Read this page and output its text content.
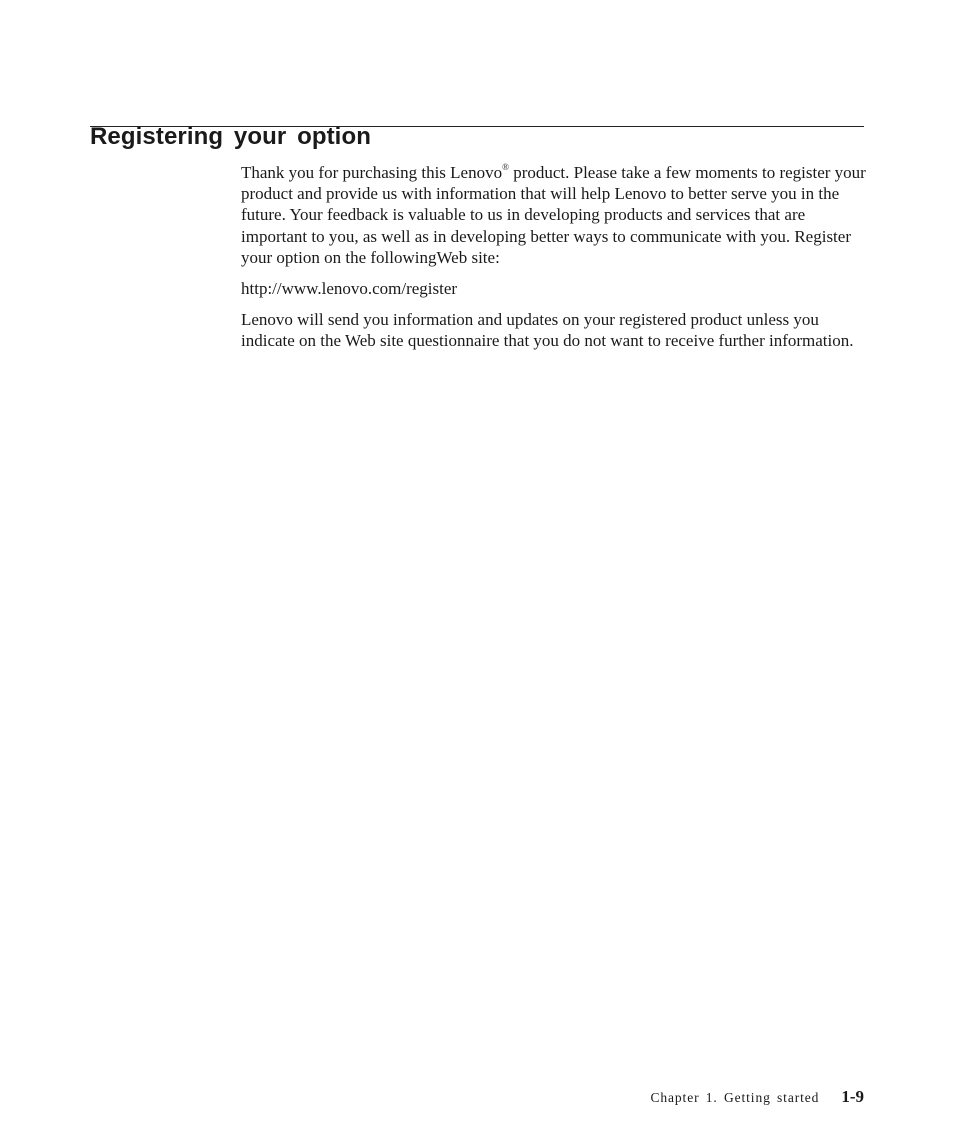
Registering your option

Thank you for purchasing this Lenovo® product. Please take a few moments to register your product and provide us with information that will help Lenovo to better serve you in the future. Your feedback is valuable to us in developing products and services that are important to you, as well as in developing better ways to communicate with you. Register your option on the followingWeb site:

http://www.lenovo.com/register

Lenovo will send you information and updates on your registered product unless you indicate on the Web site questionnaire that you do not want to receive further information.

Chapter 1. Getting started 1-9
